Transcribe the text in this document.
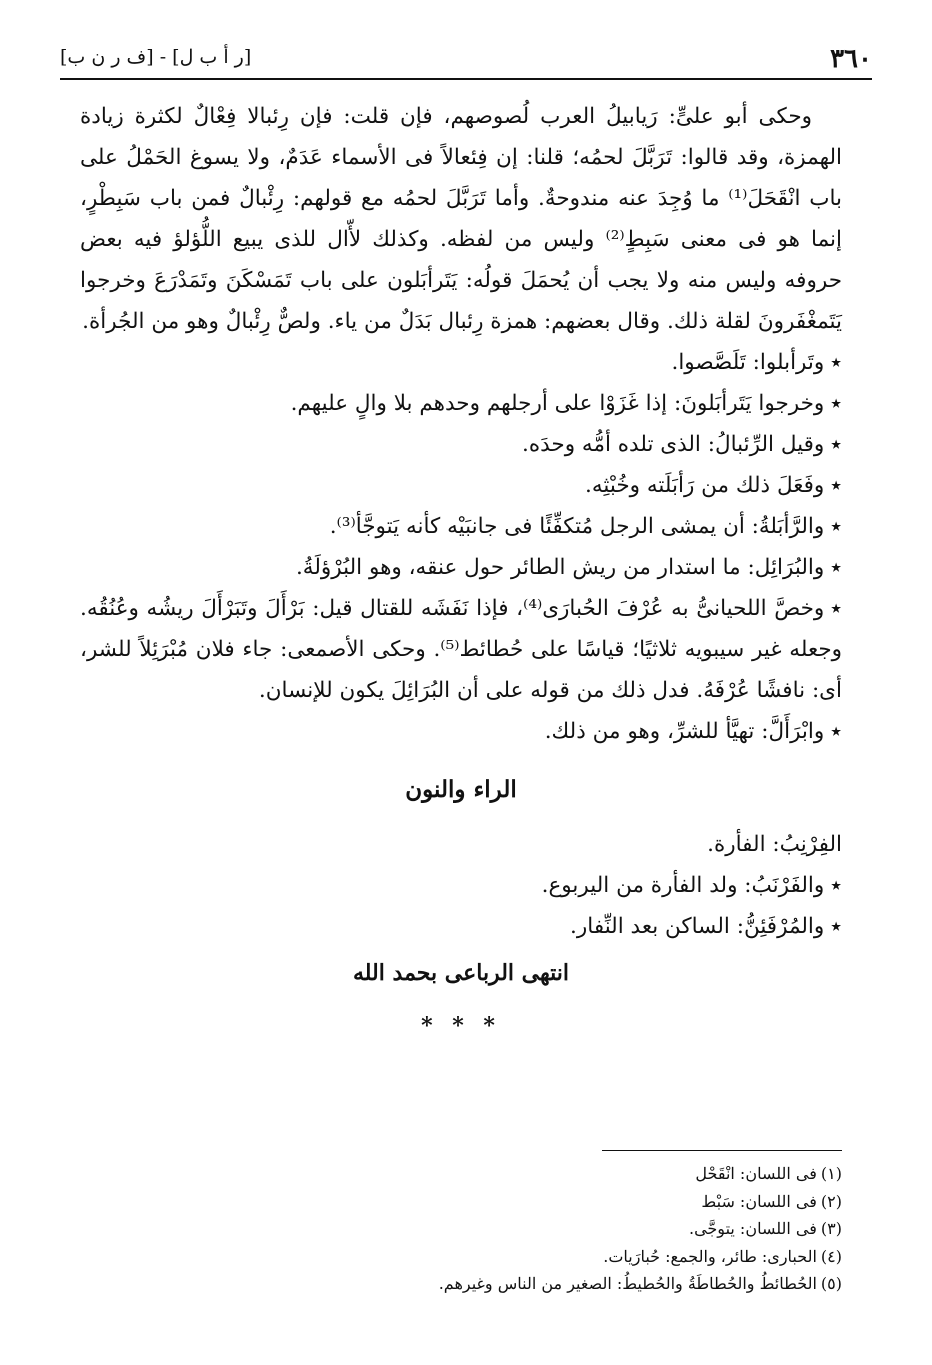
٣٦٠
[ر أ ب ل] - [ف ر ن ب]

وحكى أبو علىٍّ: رَيابيلُ العرب لُصوصهم، فإن قلت: فإن رِئبالا فِعْالٌ لكثرة زيادة الهمزة، وقد قالوا: تَرَبَّلَ لحمُه؛ قلنا: إن فِئعالاً فى الأسماء عَدَمٌ، ولا يسوغ الحَمْلُ على باب انْقَحَلَ⁽¹⁾ ما وُجِدَ عنه مندوحةٌ. وأما تَرَبَّلَ لحمُه مع قولهم: رِئْبالٌ فمن باب سَبِطْرٍ، إنما هو فى معنى سَبِطٍ⁽²⁾ وليس من لفظه. وكذلك لأّال للذى يبيع اللُّؤلؤ فيه بعض حروفه وليس منه ولا يجب أن يُحمَلَ قولُه: يَتَرأبَلون على باب تَمَسْكَنَ وتَمَدْرَعَ وخرجوا يَتَمغْفَرونَ لقلة ذلك. وقال بعضهم: همزة رِئبال بَدَلٌ من ياء. ولصٌّ رِئْبالٌ وهو من الجُرأة.

٭وتَرأبلوا: تَلَصَّصوا.

٭وخرجوا يَتَرأبَلونَ: إذا غَزَوْا على أرجلهم وحدهم بلا والٍ عليهم.

٭وقيل الرِّئبالُ: الذى تلده أمُّه وحدَه.

٭وفَعَلَ ذلك من رَأبَلَته وخُبْثِه.

٭والرَّأبَلةُ: أن يمشى الرجل مُتكفِّئًا فى جانبَيْه كأنه يَتوجَّأ⁽³⁾.

٭والبُرَائِل: ما استدار من ريش الطائر حول عنقه، وهو البُرْؤلَةُ.

٭وخصَّ اللحيانىُّ به عُرْفَ الحُبارَى⁽⁴⁾، فإذا نَفَشَه للقتال قيل: بَرْأَلَ وتَبَرْأَلَ ريشُه وعُنُقُه. وجعله غير سيبويه ثلاثيًا؛ قياسًا على حُطائط⁽⁵⁾. وحكى الأصمعى: جاء فلان مُبْرَئِلاً للشر، أى: نافشًا عُرْفَهُ. فدل ذلك من قوله على أن البُرَائِلَ يكون للإنسان.

٭وابْرَأَلَّ: تهيَّأ للشرِّ، وهو من ذلك.

الراء والنون

الفِرْنِبُ: الفأرة.

٭والفَرْنَبُ: ولد الفأرة من اليربوع.

٭والمُرْفَئِنُّ: الساكن بعد النِّفار.

انتهى الرباعى بحمد الله
* * *

(١)فى اللسان: انْقَحْل

(٢)فى اللسان: سَبْط

(٣)فى اللسان: يتوجَّى.

(٤)الحبارى: طائر، والجمع: حُبارَيات.

(٥)الحُطائطُ والحُطاطَةُ والحُطيطُ: الصغير من الناس وغيرهم.
